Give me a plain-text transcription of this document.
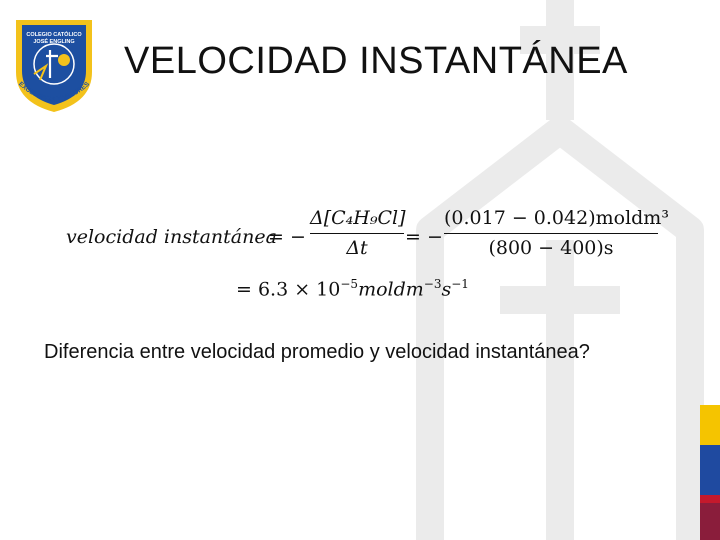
COLEGIO CATÓLICO
JOSÉ ENGLING
EXCELENCIA Y VALORES
VELOCIDAD INSTANTÁNEA
velocidad instantánea
= −
Δ[C₄H₉Cl]
Δt	= −
(0.017 − 0.042)moldm³
(800 − 400)s
= $6.3 \times 10^{-5}moldm^{-3}s^{-1}$
Diferencia entre velocidad promedio y velocidad instantánea?
